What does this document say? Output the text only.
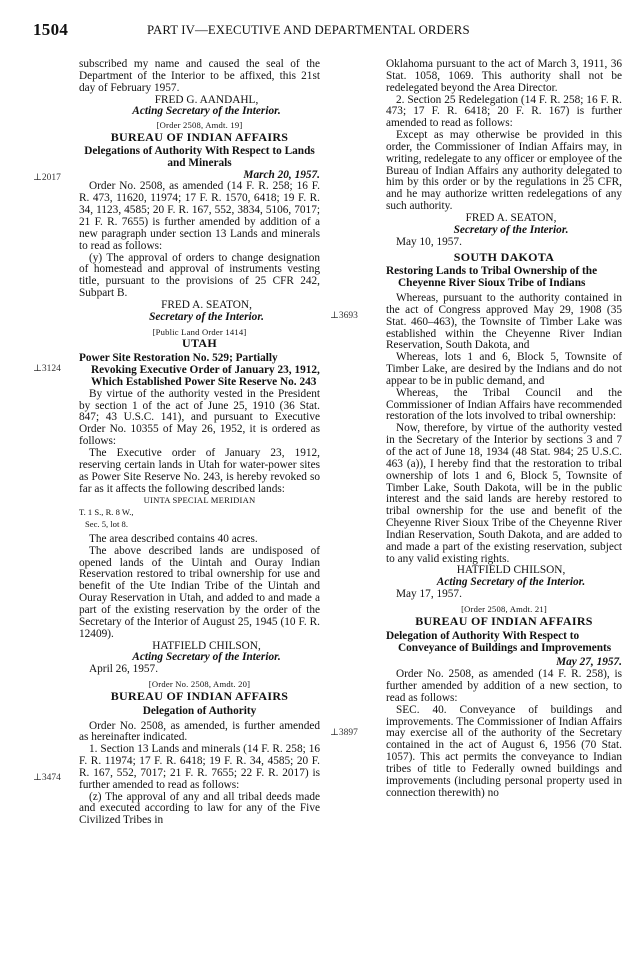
1504	PART IV—EXECUTIVE AND DEPARTMENTAL ORDERS
⊥2017
⊥3124
⊥3474
⊥3693
⊥3897

subscribed my name and caused the seal of the Department of the Interior to be affixed, this 21st day of February 1957.

FRED G. AANDAHL,

Acting Secretary of the Interior.

[Order 2508, Amdt. 19]

BUREAU OF INDIAN AFFAIRS

Delegations of Authority With Respect to Lands and Minerals

March 20, 1957.

Order No. 2508, as amended (14 F. R. 258; 16 F. R. 473, 11620, 11974; 17 F. R. 1570, 6418; 19 F. R. 34, 1123, 4585; 20 F. R. 167, 552, 3834, 5106, 7017; 21 F. R. 7655) is further amended by addition of a new paragraph under section 13 Lands and minerals to read as follows:

(y) The approval of orders to change designation of homestead and approval of instruments vesting title, pursuant to the provisions of 25 CFR 242, Subpart B.

FRED A. SEATON,

Secretary of the Interior.

[Public Land Order 1414]

UTAH

Power Site Restoration No. 529; Partially Revoking Executive Order of January 23, 1912, Which Established Power Site Reserve No. 243

By virtue of the authority vested in the President by section 1 of the act of June 25, 1910 (36 Stat. 847; 43 U.S.C. 141), and pursuant to Executive Order No. 10355 of May 26, 1952, it is ordered as follows:

The Executive order of January 23, 1912, reserving certain lands in Utah for water-power sites as Power Site Reserve No. 243, is hereby revoked so far as it affects the following described lands:

UINTA SPECIAL MERIDIAN

T. 1 S., R. 8 W.,

Sec. 5, lot 8.

The area described contains 40 acres.

The above described lands are undisposed of opened lands of the Uintah and Ouray Indian Reservation restored to tribal ownership for use and benefit of the Ute Indian Tribe of the Uintah and Ouray Reservation in Utah, and added to and made a part of the existing reservation by the order of the Secretary of the Interior of August 25, 1945 (10 F. R. 12409).

HATFIELD CHILSON,

Acting Secretary of the Interior.

April 26, 1957.

[Order No. 2508, Amdt. 20]

BUREAU OF INDIAN AFFAIRS

Delegation of Authority

Order No. 2508, as amended, is further amended as hereinafter indicated.

1. Section 13 Lands and minerals (14 F. R. 258; 16 F. R. 11974; 17 F. R. 6418; 19 F. R. 34, 4585; 20 F. R. 167, 552, 7017; 21 F. R. 7655; 22 F. R. 2017) is further amended to read as follows:

(z) The approval of any and all tribal deeds made and executed according to law for any of the Five Civilized Tribes in

Oklahoma pursuant to the act of March 3, 1911, 36 Stat. 1058, 1069. This authority shall not be redelegated beyond the Area Director.

2. Section 25 Redelegation (14 F. R. 258; 16 F. R. 473; 17 F. R. 6418; 20 F. R. 167) is further amended to read as follows:

Except as may otherwise be provided in this order, the Commissioner of Indian Affairs may, in writing, redelegate to any officer or employee of the Bureau of Indian Affairs any authority delegated to him by this order or by the regulations in 25 CFR, and he may authorize written redelegations of any such authority.

FRED A. SEATON,

Secretary of the Interior.

May 10, 1957.

SOUTH DAKOTA

Restoring Lands to Tribal Ownership of the Cheyenne River Sioux Tribe of Indians

Whereas, pursuant to the authority contained in the act of Congress approved May 29, 1908 (35 Stat. 460–463), the Townsite of Timber Lake was established within the Cheyenne River Indian Reservation, South Dakota, and

Whereas, lots 1 and 6, Block 5, Townsite of Timber Lake, are desired by the Indians and do not appear to be in public demand, and

Whereas, the Tribal Council and the Commissioner of Indian Affairs have recommended restoration of the lots involved to tribal ownership:

Now, therefore, by virtue of the authority vested in the Secretary of the Interior by sections 3 and 7 of the act of June 18, 1934 (48 Stat. 984; 25 U.S.C. 463 (a)), I hereby find that the restoration to tribal ownership of lots 1 and 6, Block 5, Townsite of Timber Lake, South Dakota, will be in the public interest and the said lands are hereby restored to tribal ownership for the use and benefit of the Cheyenne River Sioux Tribe of the Cheyenne River Indian Reservation, South Dakota, and are added to and made a part of the existing reservation, subject to any valid existing rights.

HATFIELD CHILSON,

Acting Secretary of the Interior.

May 17, 1957.

[Order 2508, Amdt. 21]

BUREAU OF INDIAN AFFAIRS

Delegation of Authority With Respect to Conveyance of Buildings and Improvements

May 27, 1957.

Order No. 2508, as amended (14 F. R. 258), is further amended by addition of a new section, to read as follows:

SEC. 40. Conveyance of buildings and improvements. The Commissioner of Indian Affairs may exercise all of the authority of the Secretary contained in the act of August 6, 1956 (70 Stat. 1057). This act permits the conveyance to Indian tribes of title to Federally owned buildings and improvements (including personal property used in connection therewith) no
